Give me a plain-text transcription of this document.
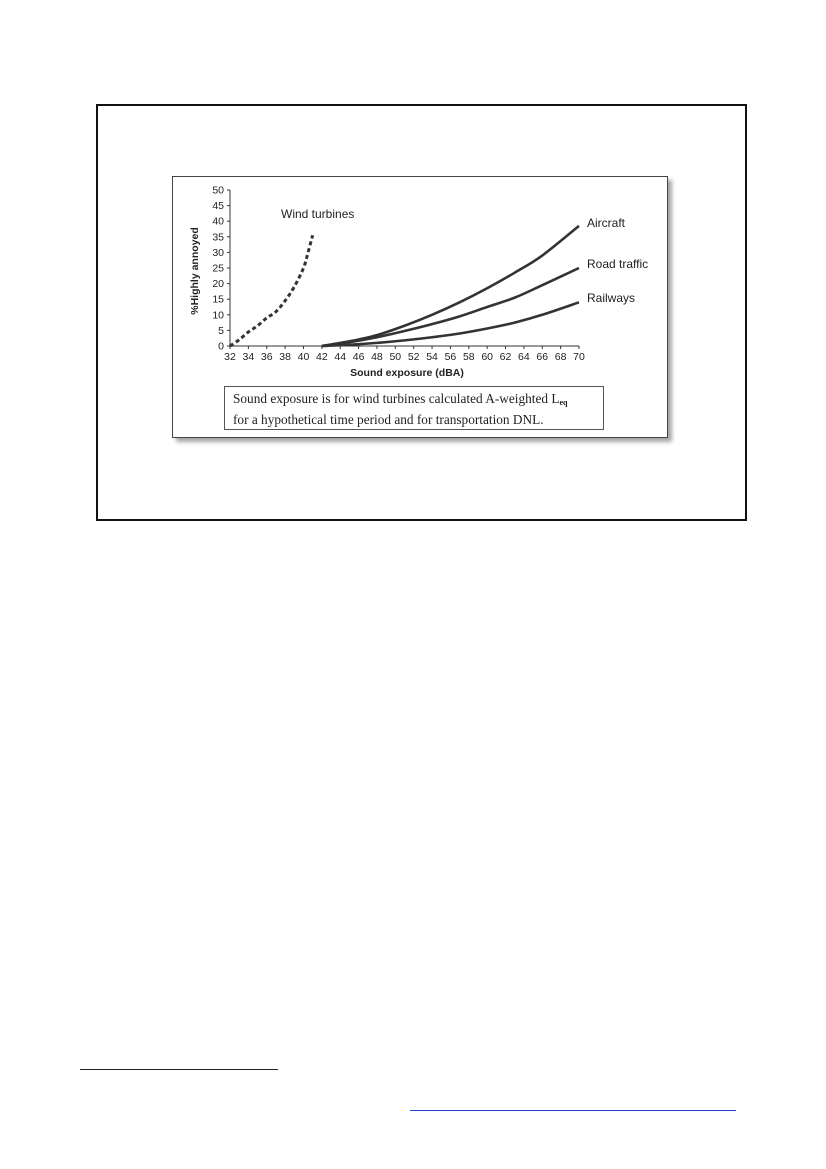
0
5
10
15
20
25
30
35
40
45
50
32 34 36 38 40 42 44 46 48 50 52 54 56 58 60 62 64 66 68 70
Wind turbines
Aircraft
Road traffic
Railways
%Highly annoyed
Sound exposure (dBA)
Sound exposure is for wind turbines calculated A-weighted $L_{eq}$
for a hypothetical time period and for transportation DNL.
